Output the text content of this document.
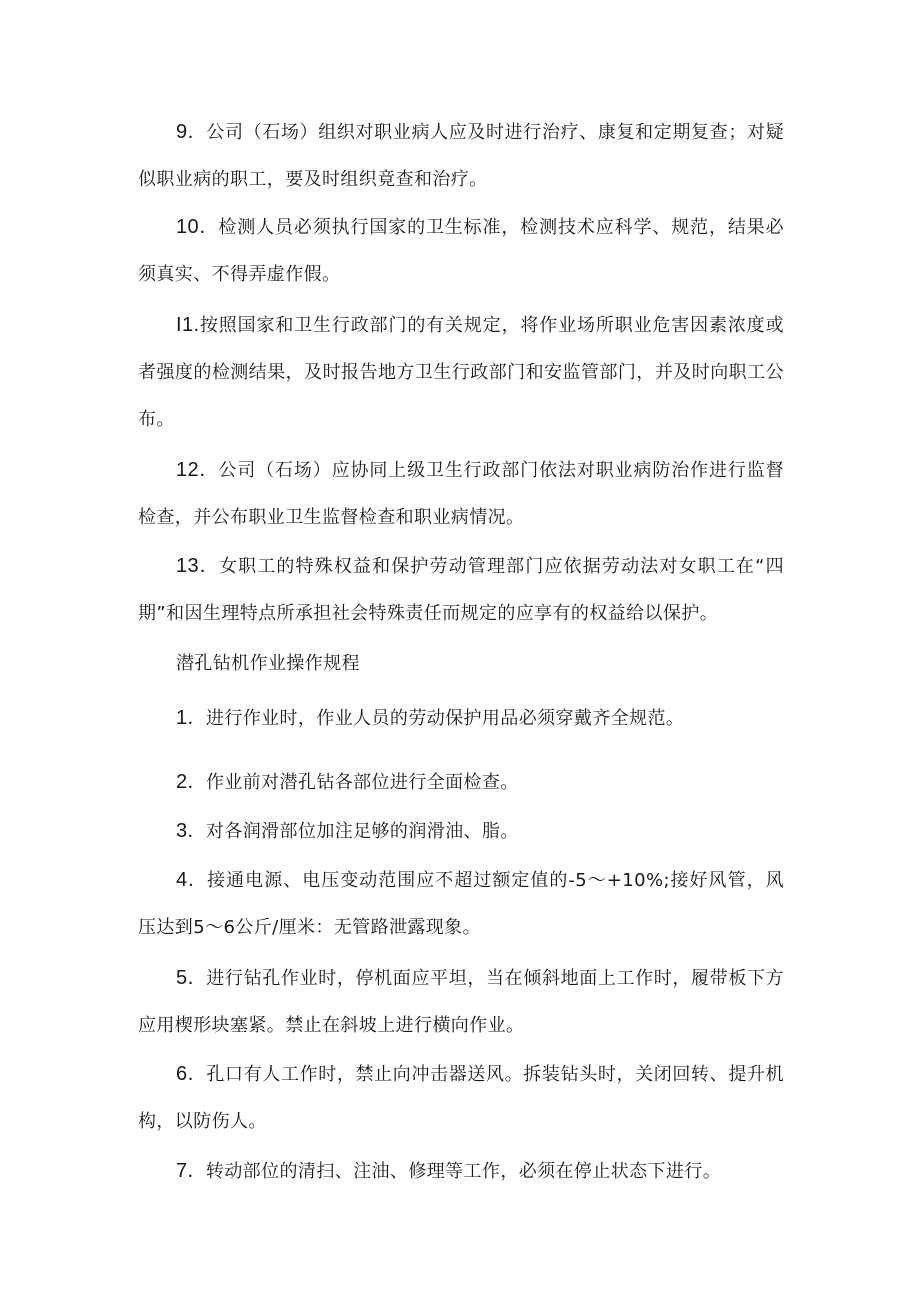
9．公司（石场）组织对职业病人应及时进行治疗、康复和定期复查；对疑似职业病的职工，要及时组织竟查和治疗。

10．检测人员必须执行国家的卫生标准，检测技术应科学、规范，结果必须真实、不得弄虚作假。

I1.按照国家和卫生行政部门的有关规定，将作业场所职业危害因素浓度或者强度的检测结果，及时报告地方卫生行政部门和安监管部门，并及时向职工公布。

12．公司（石场）应协同上级卫生行政部门依法对职业病防治作进行监督检查，并公布职业卫生监督检查和职业病情况。

13．女职工的特殊权益和保护劳动管理部门应依据劳动法对女职工在“四期”和因生理特点所承担社会特殊责任而规定的应享有的权益给以保护。

潜孔钻机作业操作规程

1．进行作业时，作业人员的劳动保护用品必须穿戴齐全规范。

2．作业前对潜孔钻各部位进行全面检查。

3．对各润滑部位加注足够的润滑油、脂。

4．接通电源、电压变动范围应不超过额定值的-5～+10%;接好风管，风压达到5～6公斤/厘米：无管路泄露现象。

5．进行钻孔作业时，停机面应平坦，当在倾斜地面上工作时，履带板下方应用楔形块塞紧。禁止在斜坡上进行横向作业。

6．孔口有人工作时，禁止向冲击器送风。拆装钻头时，关闭回转、提升机构，以防伤人。

7．转动部位的清扫、注油、修理等工作，必须在停止状态下进行。
